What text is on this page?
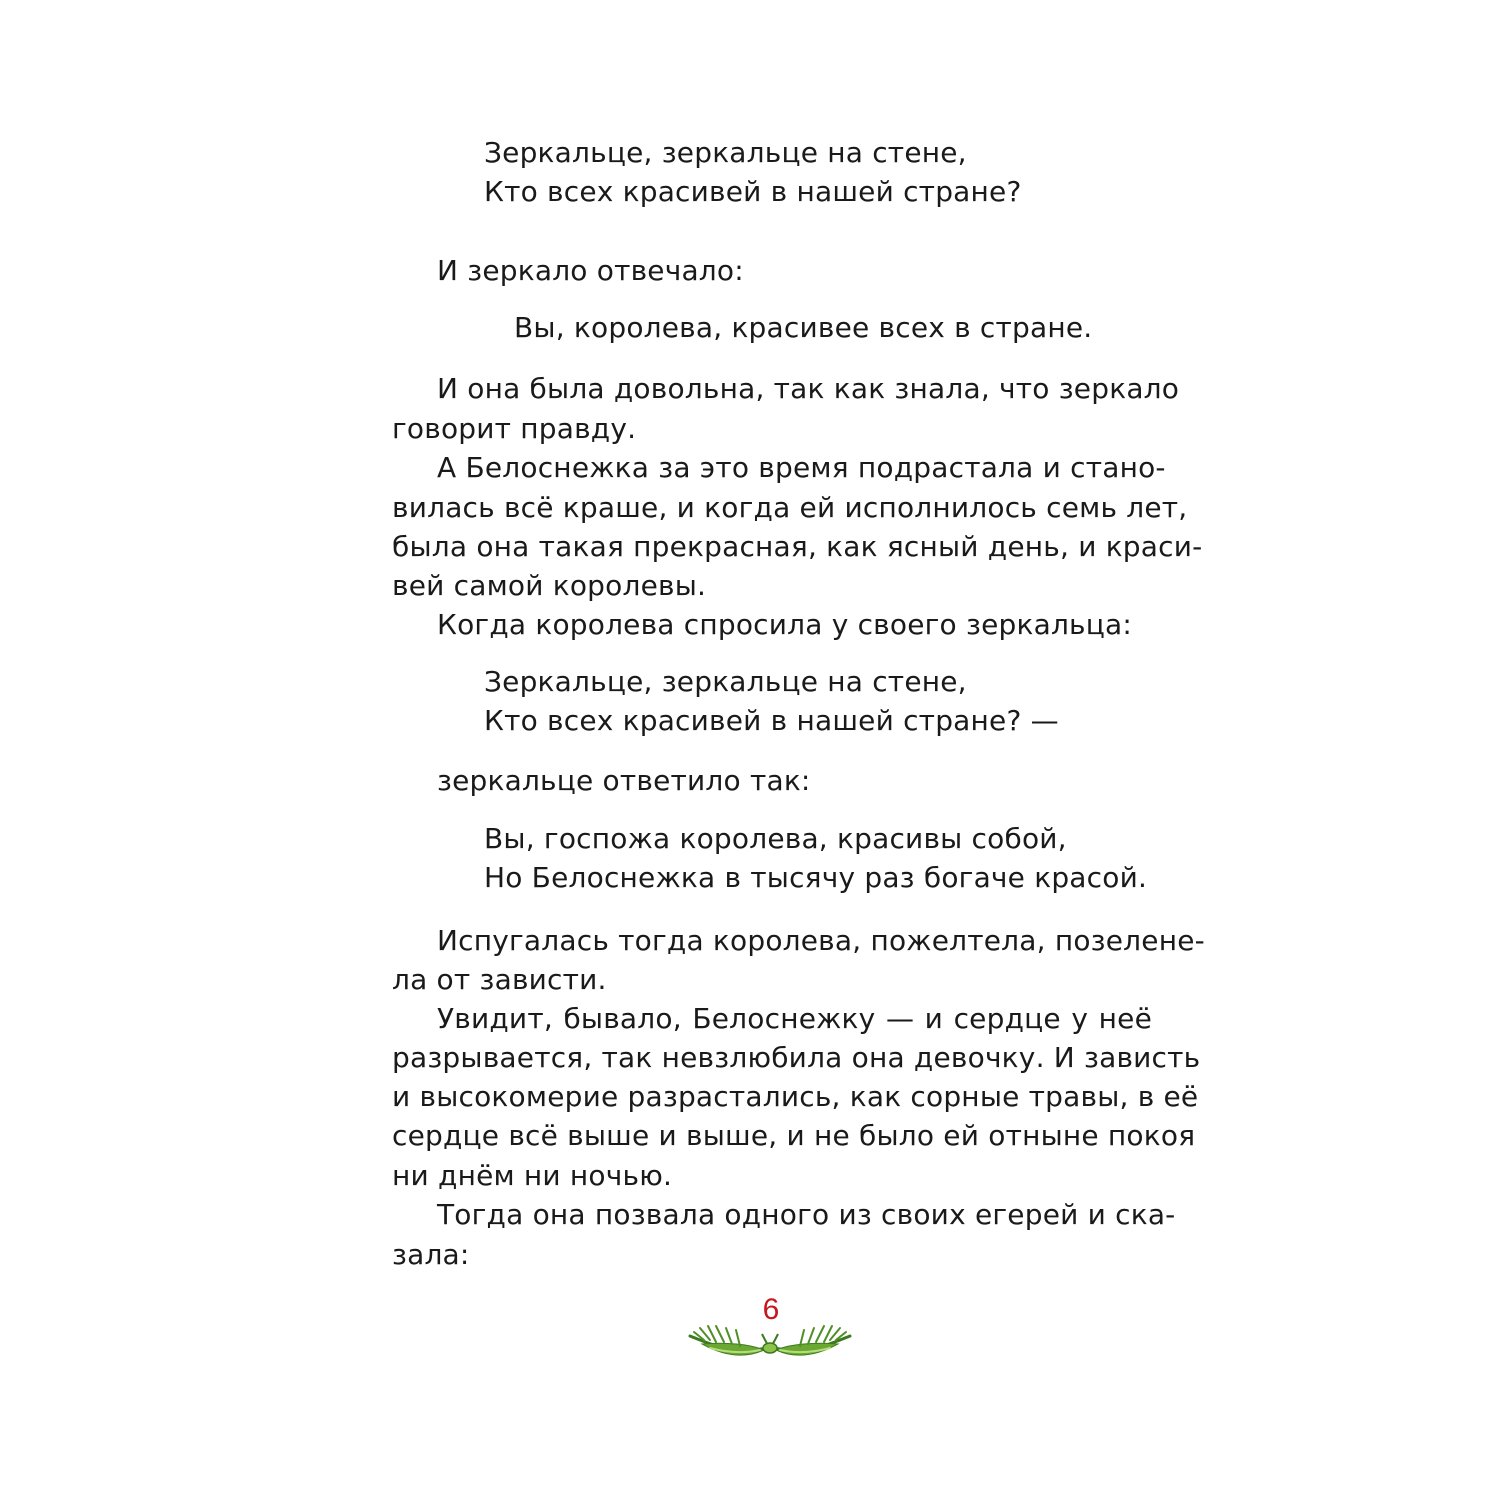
Зеркальце, зеркальце на стене,
Кто всех красивей в нашей стране?
И зеркало отвечало:
Вы, королева, красивее всех в стране.
И она была довольна, так как знала, что зеркало
говорит правду.
А Белоснежка за это время подрастала и стано-
вилась всё краше, и когда ей исполнилось семь лет,
была она такая прекрасная, как ясный день, и краси-
вей самой королевы.
Когда королева спросила у своего зеркальца:
Зеркальце, зеркальце на стене,
Кто всех красивей в нашей стране? —
зеркальце ответило так:
Вы, госпожа королева, красивы собой,
Но Белоснежка в тысячу раз богаче красой.
Испугалась тогда королева, пожелтела, позелене-
ла от зависти.
Увидит, бывало, Белоснежку — и сердце у неё
разрывается, так невзлюбила она девочку. И зависть
и высокомерие разрастались, как сорные травы, в её
сердце всё выше и выше, и не было ей отныне покоя
ни днём ни ночью.
Тогда она позвала одного из своих егерей и ска-
зала:
6
